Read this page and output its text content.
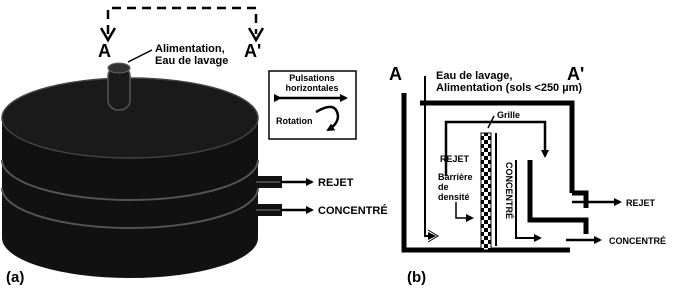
A	A'
Alimentation,
Eau de lavage
REJET
CONCENTRÉ
Pulsations
horizontales
Rotation
(a)
A	A'
Eau de lavage,
Alimentation (sols <250 µm)
Grille
CONCENTRÉ
REJET
Barrière
de
densité
REJET
CONCENTRÉ
(b)
